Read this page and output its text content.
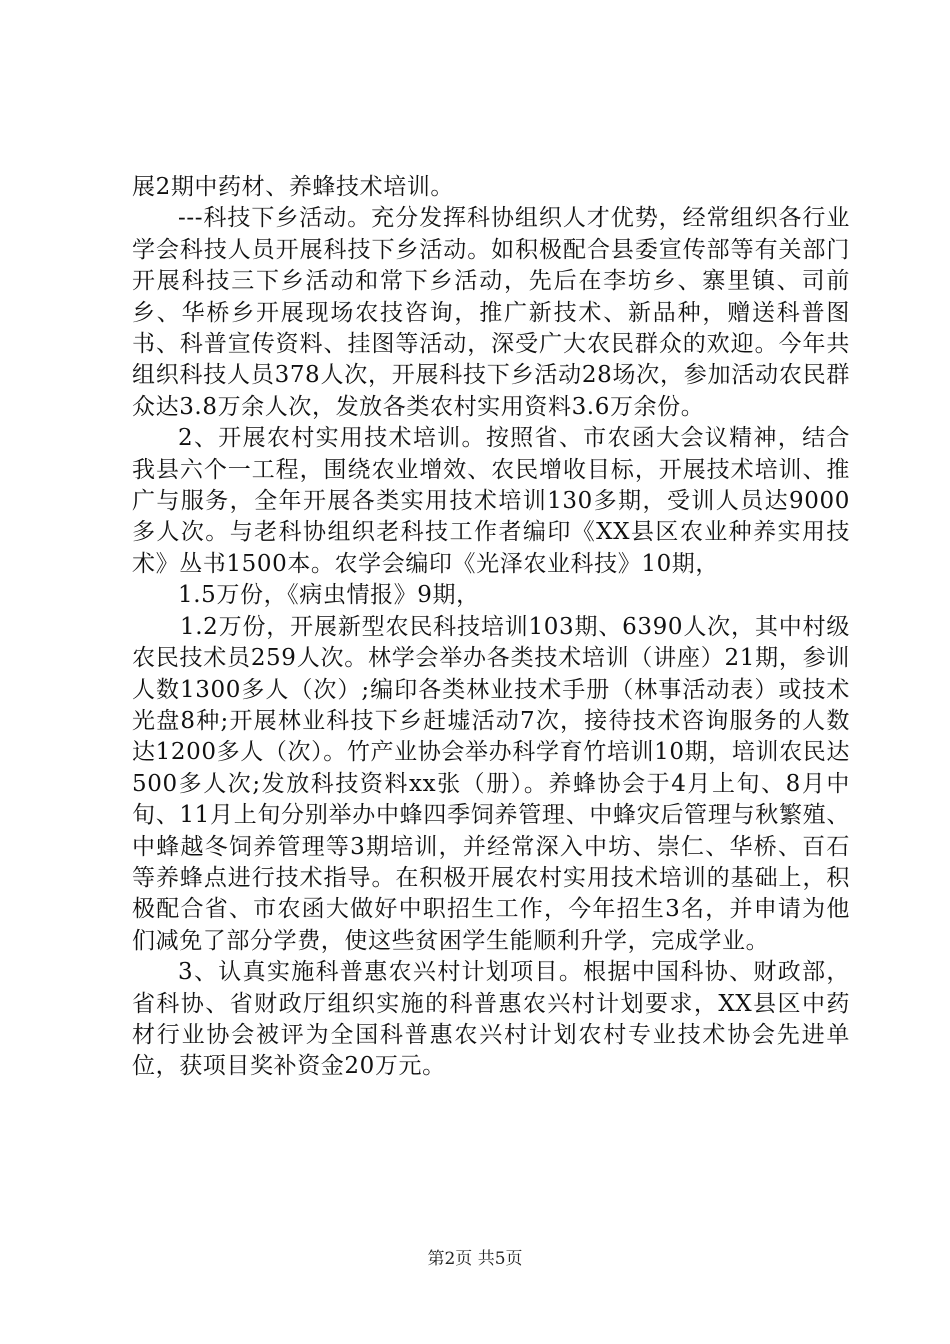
展2期中药材、养蜂技术培训。

---科技下乡活动。充分发挥科协组织人才优势，经常组织各行业学会科技人员开展科技下乡活动。如积极配合县委宣传部等有关部门开展科技三下乡活动和常下乡活动，先后在李坊乡、寨里镇、司前乡、华桥乡开展现场农技咨询，推广新技术、新品种，赠送科普图书、科普宣传资料、挂图等活动，深受广大农民群众的欢迎。今年共组织科技人员378人次，开展科技下乡活动28场次，参加活动农民群众达3.8万余人次，发放各类农村实用资料3.6万余份。

2、开展农村实用技术培训。按照省、市农函大会议精神，结合我县六个一工程，围绕农业增效、农民增收目标，开展技术培训、推广与服务，全年开展各类实用技术培训130多期，受训人员达9000多人次。与老科协组织老科技工作者编印《XX县区农业种养实用技术》丛书1500本。农学会编印《光泽农业科技》10期，

1.5万份，《病虫情报》9期，

1.2万份，开展新型农民科技培训103期、6390人次，其中村级农民技术员259人次。林学会举办各类技术培训（讲座）21期，参训人数1300多人（次）;编印各类林业技术手册（林事活动表）或技术光盘8种;开展林业科技下乡赶墟活动7次，接待技术咨询服务的人数达1200多人（次）。竹产业协会举办科学育竹培训10期，培训农民达500多人次;发放科技资料xx张（册）。养蜂协会于4月上旬、8月中旬、11月上旬分别举办中蜂四季饲养管理、中蜂灾后管理与秋繁殖、中蜂越冬饲养管理等3期培训，并经常深入中坊、崇仁、华桥、百石等养蜂点进行技术指导。在积极开展农村实用技术培训的基础上，积极配合省、市农函大做好中职招生工作，今年招生3名，并申请为他们减免了部分学费，使这些贫困学生能顺利升学，完成学业。

3、认真实施科普惠农兴村计划项目。根据中国科协、财政部，省科协、省财政厅组织实施的科普惠农兴村计划要求，XX县区中药材行业协会被评为全国科普惠农兴村计划农村专业技术协会先进单位，获项目奖补资金20万元。

第2页 共5页
